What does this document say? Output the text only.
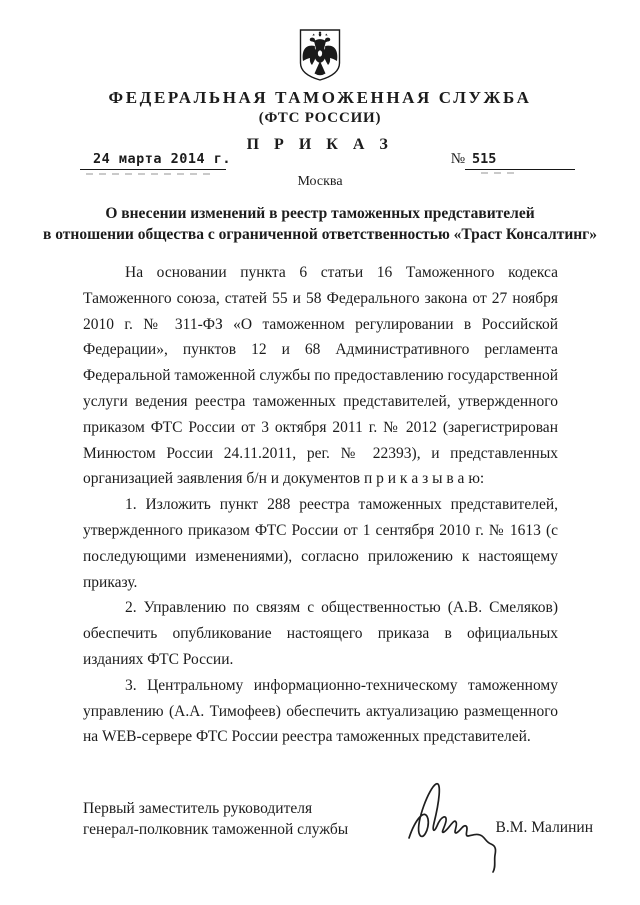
ФЕДЕРАЛЬНАЯ ТАМОЖЕННАЯ СЛУЖБА
(ФТС РОССИИ)
П Р И К А З
24 марта 2014 г.	№ 515
Москва
О внесении изменений в реестр таможенных представителей
в отношении общества с ограниченной ответственностью «Траст Консалтинг»

На основании пункта 6 статьи 16 Таможенного кодекса Таможенного союза, статей 55 и 58 Федерального закона от 27 ноября 2010 г. № 311-ФЗ «О таможенном регулировании в Российской Федерации», пунктов 12 и 68 Административного регламента Федеральной таможенной службы по предоставлению государственной услуги ведения реестра таможенных представителей, утвержденного приказом ФТС России от 3 октября 2011 г. № 2012 (зарегистрирован Минюстом России 24.11.2011, рег. № 22393), и представленных организацией заявления б/н и документов п р и к а з ы в а ю:

1. Изложить пункт 288 реестра таможенных представителей, утвержденного приказом ФТС России от 1 сентября 2010 г. № 1613 (с последующими изменениями), согласно приложению к настоящему приказу.

2. Управлению по связям с общественностью (А.В. Смеляков) обеспечить опубликование настоящего приказа в официальных изданиях ФТС России.

3. Центральному информационно-техническому таможенному управлению (А.А. Тимофеев) обеспечить актуализацию размещенного на WEB-сервере ФТС России реестра таможенных представителей.

Первый заместитель руководителя
генерал-полковник таможенной службы	В.М. Малинин
